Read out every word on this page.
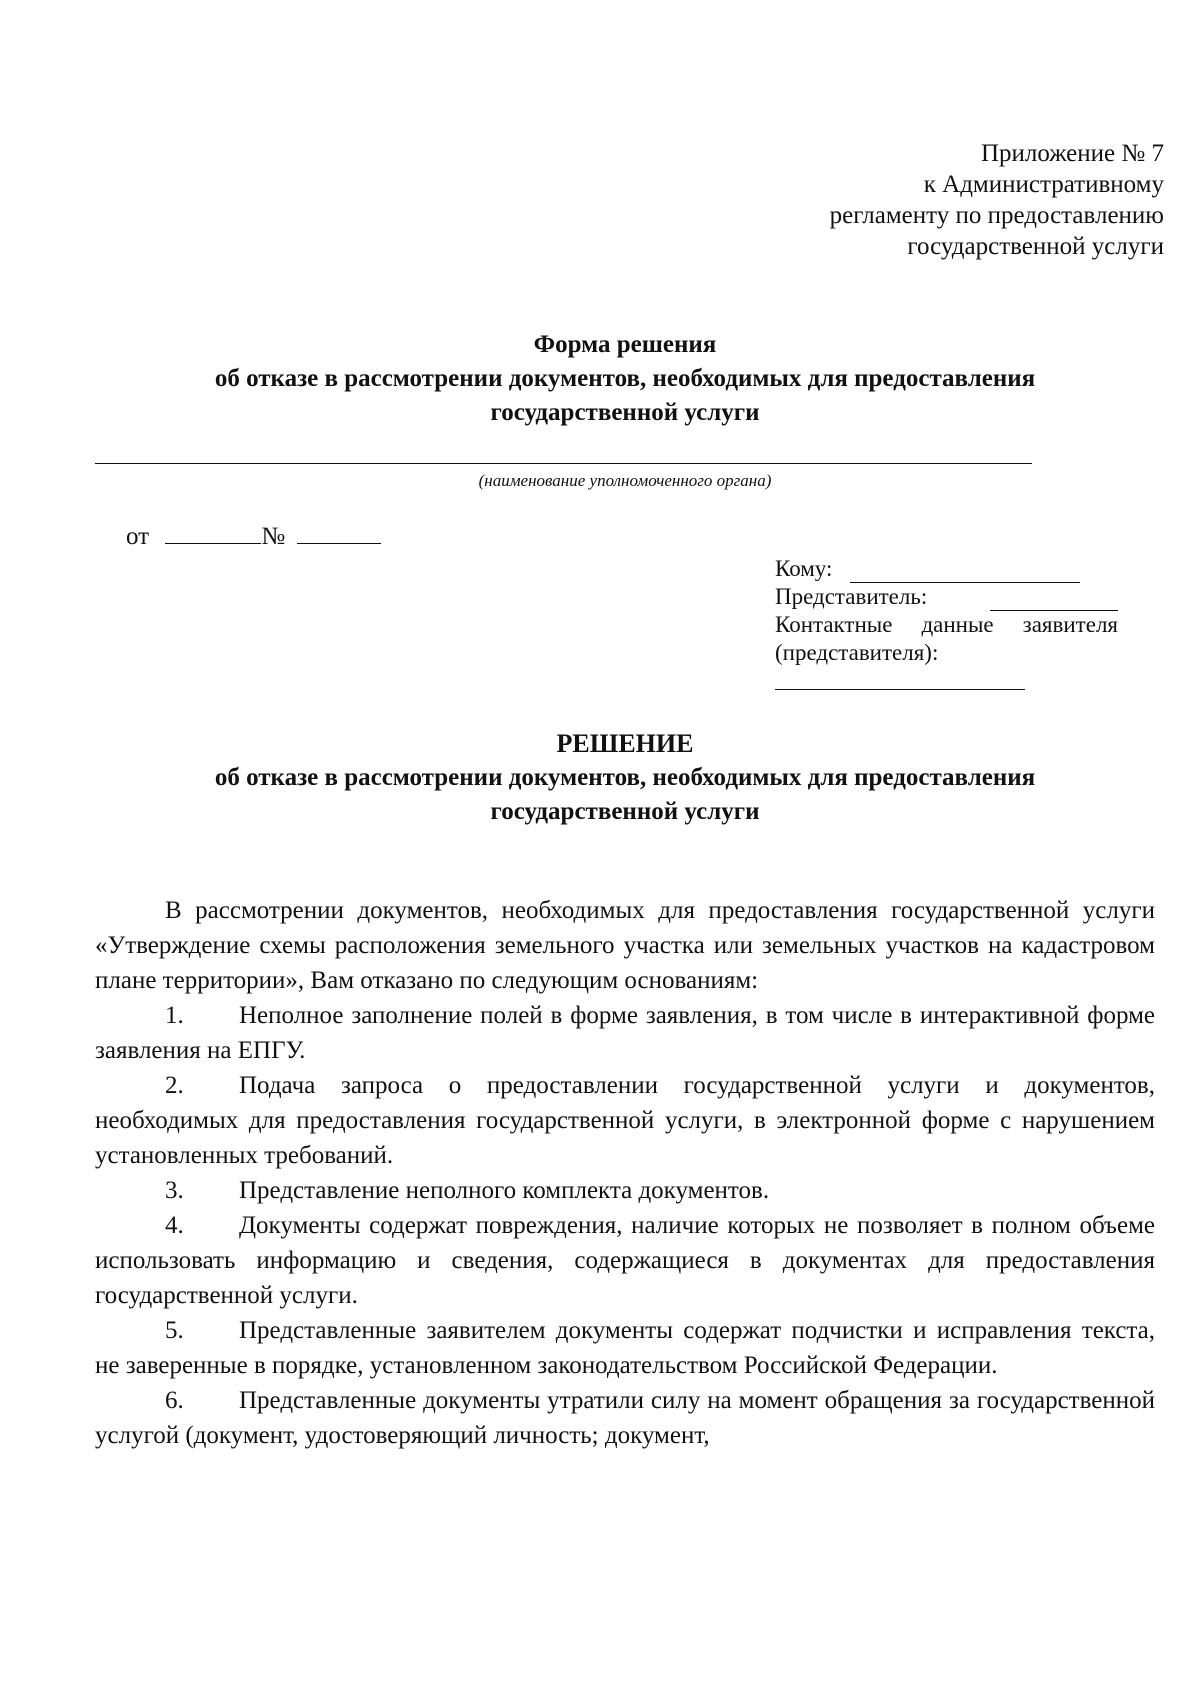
Приложение № 7
к Административному
регламенту по предоставлению
государственной услуги
Форма решения
об отказе в рассмотрении документов, необходимых для предоставления
государственной услуги
(наименование уполномоченного органа)
от	№
Кому:
Представитель:
Контактные данные заявителя
(представителя):
РЕШЕНИЕ
об отказе в рассмотрении документов, необходимых для предоставления
государственной услуги

В рассмотрении документов, необходимых для предоставления государственной услуги «Утверждение схемы расположения земельного участка или земельных участков на кадастровом плане территории», Вам отказано по следующим основаниям:

1. Неполное заполнение полей в форме заявления, в том числе в интерактивной форме заявления на ЕПГУ.

2. Подача запроса о предоставлении государственной услуги и документов, необходимых для предоставления государственной услуги, в электронной форме с нарушением установленных требований.

3. Представление неполного комплекта документов.

4. Документы содержат повреждения, наличие которых не позволяет в полном объеме использовать информацию и сведения, содержащиеся в документах для предоставления государственной услуги.

5. Представленные заявителем документы содержат подчистки и исправления текста, не заверенные в порядке, установленном законодательством Российской Федерации.

6. Представленные документы утратили силу на момент обращения за государственной услугой (документ, удостоверяющий личность; документ,
